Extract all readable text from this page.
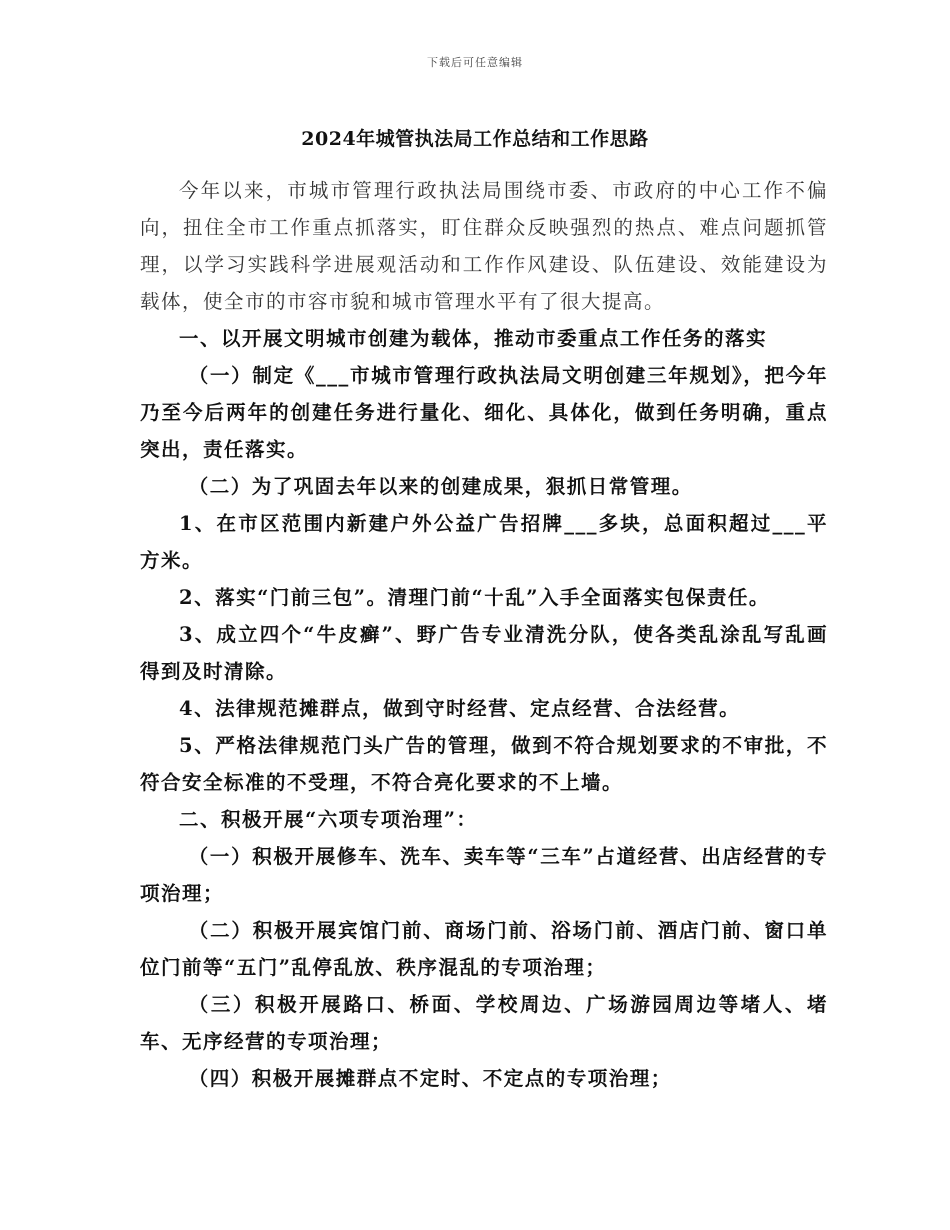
下载后可任意编辑
2024年城管执法局工作总结和工作思路

今年以来，市城市管理行政执法局围绕市委、市政府的中心工作不偏向，扭住全市工作重点抓落实，盯住群众反映强烈的热点、难点问题抓管理，以学习实践科学进展观活动和工作作风建设、队伍建设、效能建设为载体，使全市的市容市貌和城市管理水平有了很大提高。

一、以开展文明城市创建为载体，推动市委重点工作任务的落实

（一）制定《___市城市管理行政执法局文明创建三年规划》，把今年乃至今后两年的创建任务进行量化、细化、具体化，做到任务明确，重点突出，责任落实。

（二）为了巩固去年以来的创建成果，狠抓日常管理。

1、在市区范围内新建户外公益广告招牌___多块，总面积超过___平方米。

2、落实“门前三包”。清理门前“十乱”入手全面落实包保责任。

3、成立四个“牛皮癣”、野广告专业清洗分队，使各类乱涂乱写乱画得到及时清除。

4、法律规范摊群点，做到守时经营、定点经营、合法经营。

5、严格法律规范门头广告的管理，做到不符合规划要求的不审批，不符合安全标准的不受理，不符合亮化要求的不上墙。

二、积极开展“六项专项治理”：

（一）积极开展修车、洗车、卖车等“三车”占道经营、出店经营的专项治理；

（二）积极开展宾馆门前、商场门前、浴场门前、酒店门前、窗口单位门前等“五门”乱停乱放、秩序混乱的专项治理；

（三）积极开展路口、桥面、学校周边、广场游园周边等堵人、堵车、无序经营的专项治理；

（四）积极开展摊群点不定时、不定点的专项治理；
